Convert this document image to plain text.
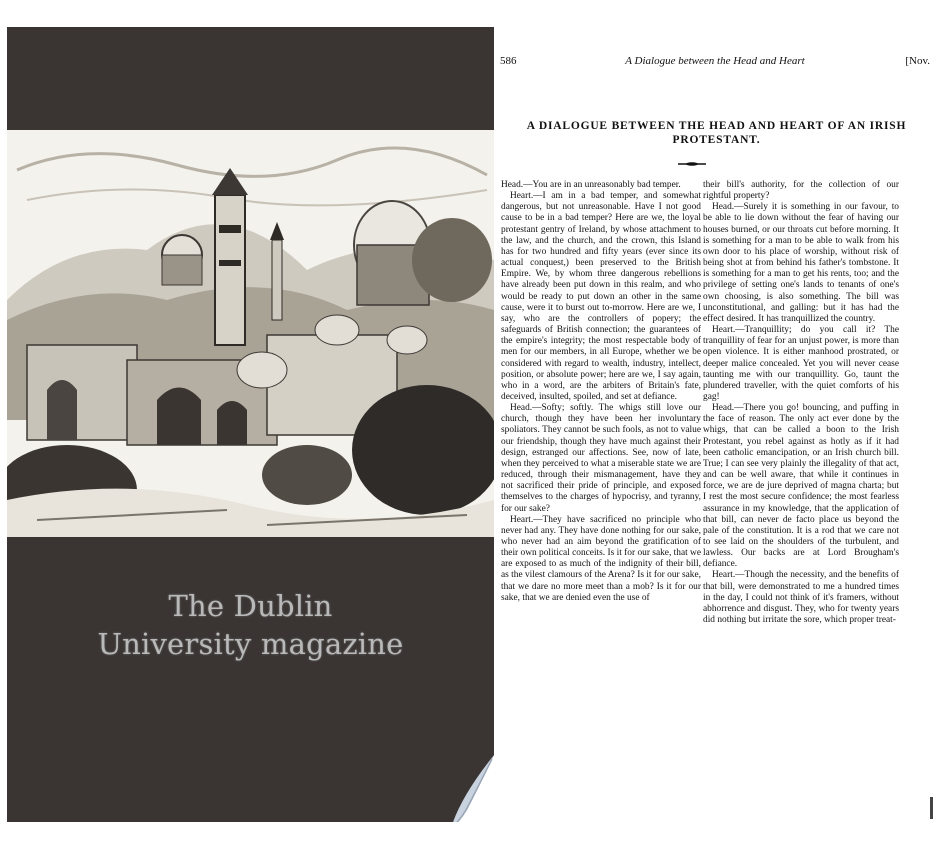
The Dublin
University magazine
586	A Dialogue between the Head and Heart	[Nov.
A DIALOGUE BETWEEN THE HEAD AND HEART OF AN IRISH PROTESTANT.

Head.—You are in an unreasonably bad temper.

Heart.—I am in a bad temper, and somewhat dangerous, but not unreasonable. Have I not good cause to be in a bad temper? Here are we, the loyal protestant gentry of Ireland, by whose attachment to the law, and the church, and the crown, this Island has for two hundred and fifty years (ever since its actual conquest,) been preserved to the British Empire. We, by whom three dangerous rebellions have already been put down in this realm, and who would be ready to put down an other in the same cause, were it to burst out to-morrow. Here are we, I say, who are the controllers of popery; the safeguards of British connection; the guarantees of the empire's integrity; the most respectable body of men for our members, in all Europe, whether we be considered with regard to wealth, industry, intellect, position, or absolute power; here are we, I say again, who in a word, are the arbiters of Britain's fate, deceived, insulted, spoiled, and set at defiance.

Head.—Softy; softly. The whigs still love our church, though they have been her involuntary spoliators. They cannot be such fools, as not to value our friendship, though they have much against their design, estranged our affections. See, now of late, when they perceived to what a miserable state we are reduced, through their mismanagement, have they not sacrificed their pride of principle, and exposed themselves to the charges of hypocrisy, and tyranny, for our sake?

Heart.—They have sacrificed no principle who never had any. They have done nothing for our sake, who never had an aim beyond the gratification of their own political conceits. Is it for our sake, that we are exposed to as much of the indignity of their bill, as the vilest clamours of the Arena? Is it for our sake, that we dare no more meet than a mob? Is it for our sake, that we are denied even the use of

their bill's authority, for the collection of our rightful property?

Head.—Surely it is something in our favour, to be able to lie down without the fear of having our houses burned, or our throats cut before morning. It is something for a man to be able to walk from his own door to his place of worship, without risk of being shot at from behind his father's tombstone. It is something for a man to get his rents, too; and the privilege of setting one's lands to tenants of one's own choosing, is also something. The bill was unconstitutional, and galling: but it has had the effect desired. It has tranquillized the country.

Heart.—Tranquillity; do you call it? The tranquillity of fear for an unjust power, is more than open violence. It is either manhood prostrated, or deeper malice concealed. Yet you will never cease taunting me with our tranquillity. Go, taunt the plundered traveller, with the quiet comforts of his gag!

Head.—There you go! bouncing, and puffing in the face of reason. The only act ever done by the whigs, that can be called a boon to the Irish Protestant, you rebel against as hotly as if it had been catholic emancipation, or an Irish church bill. True; I can see very plainly the illegality of that act, and can be well aware, that while it continues in force, we are de jure deprived of magna charta; but I rest the most secure confidence; the most fearless assurance in my knowledge, that the application of that bill, can never de facto place us beyond the pale of the constitution. It is a rod that we care not to see laid on the shoulders of the turbulent, and lawless. Our backs are at Lord Brougham's defiance.

Heart.—Though the necessity, and the benefits of that bill, were demonstrated to me a hundred times in the day, I could not think of it's framers, without abhorrence and disgust. They, who for twenty years did nothing but irritate the sore, which proper treat-
